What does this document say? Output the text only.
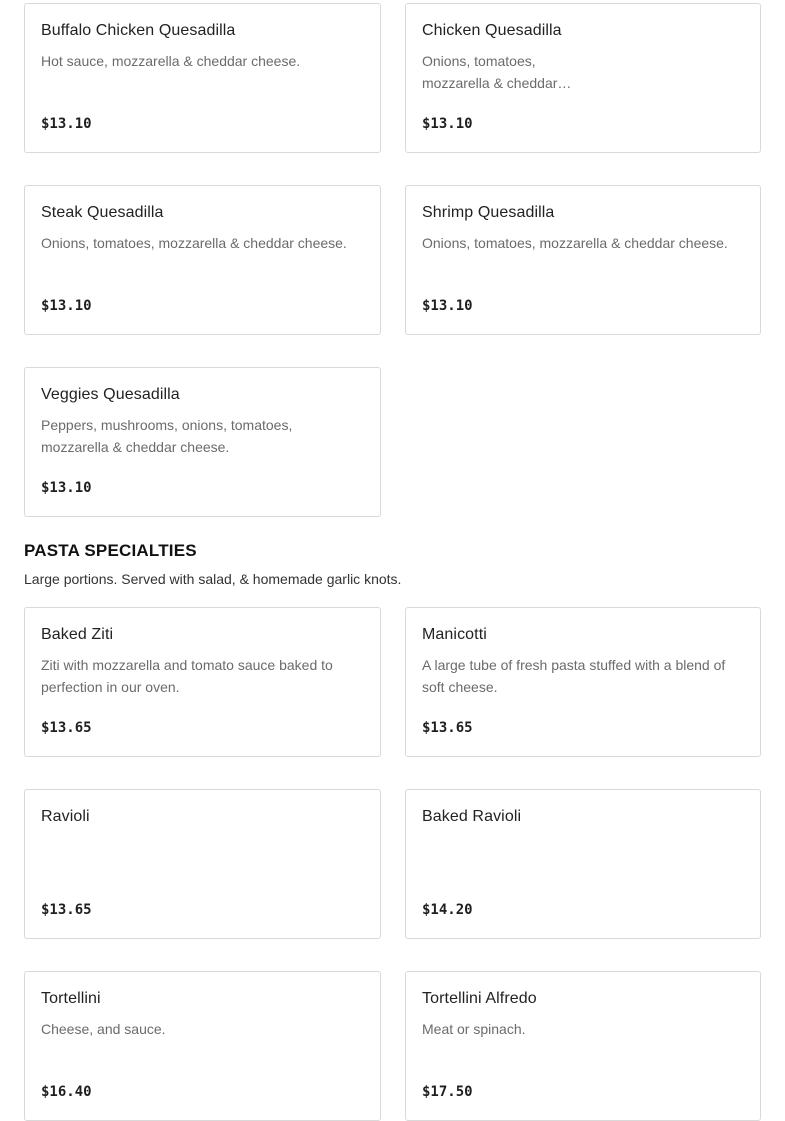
Buffalo Chicken Quesadilla
Hot sauce, mozzarella & cheddar cheese.
$13.10
Chicken Quesadilla
Onions, tomatoes, mozzarella & cheddar…
$13.10
Steak Quesadilla
Onions, tomatoes, mozzarella & cheddar cheese.
$13.10
Shrimp Quesadilla
Onions, tomatoes, mozzarella & cheddar cheese.
$13.10
Veggies Quesadilla
Peppers, mushrooms, onions, tomatoes, mozzarella & cheddar cheese.
$13.10
PASTA SPECIALTIES
Large portions. Served with salad, & homemade garlic knots.
Baked Ziti
Ziti with mozzarella and tomato sauce baked to perfection in our oven.
$13.65
Manicotti
A large tube of fresh pasta stuffed with a blend of soft cheese.
$13.65
Ravioli
$13.65
Baked Ravioli
$14.20
Tortellini
Cheese, and sauce.
$16.40
Tortellini Alfredo
Meat or spinach.
$17.50
